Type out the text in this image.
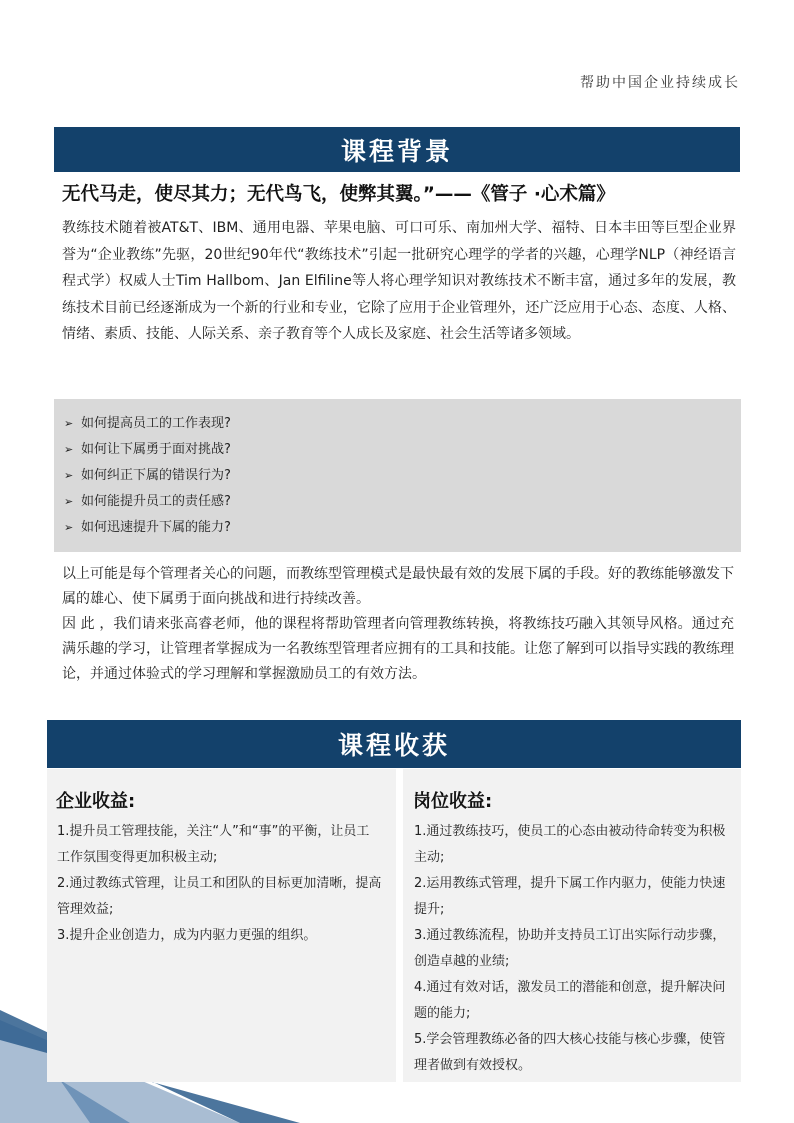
帮助中国企业持续成长
课程背景
无代马走，使尽其力；无代鸟飞，使弊其翼。”——《管子 ·心术篇》
教练技术随着被AT&T、IBM、通用电器、苹果电脑、可口可乐、南加州大学、福特、日本丰田等巨型企业界誉为“企业教练”先驱，20世纪90年代“教练技术”引起一批研究心理学的学者的兴趣，心理学NLP（神经语言程式学）权威人士Tim Hallbom、Jan Elfiline等人将心理学知识对教练技术不断丰富，通过多年的发展，教练技术目前已经逐渐成为一个新的行业和专业，它除了应用于企业管理外，还广泛应用于心态、态度、人格、情绪、素质、技能、人际关系、亲子教育等个人成长及家庭、社会生活等诸多领域。
➢ 如何提高员工的工作表现?
➢ 如何让下属勇于面对挑战?
➢ 如何纠正下属的错误行为?
➢ 如何能提升员工的责任感?
➢ 如何迅速提升下属的能力?

以上可能是每个管理者关心的问题，而教练型管理模式是最快最有效的发展下属的手段。好的教练能够激发下属的雄心、使下属勇于面向挑战和进行持续改善。

因 此 ，我们请来张高睿老师，他的课程将帮助管理者向管理教练转换，将教练技巧融入其领导风格。通过充满乐趣的学习，让管理者掌握成为一名教练型管理者应拥有的工具和技能。让您了解到可以指导实践的教练理论，并通过体验式的学习理解和掌握激励员工的有效方法。

课程收获
企业收益:
1.提升员工管理技能，关注“人”和“事”的平衡，让员工工作氛围变得更加积极主动;
2.通过教练式管理，让员工和团队的目标更加清晰，提高管理效益;
3.提升企业创造力，成为内驱力更强的组织。
岗位收益:
1.通过教练技巧，使员工的心态由被动待命转变为积极主动;
2.运用教练式管理，提升下属工作内驱力，使能力快速提升;
3.通过教练流程，协助并支持员工订出实际行动步骤，创造卓越的业绩;
4.通过有效对话，激发员工的潜能和创意，提升解决问题的能力;
5.学会管理教练必备的四大核心技能与核心步骤，使管理者做到有效授权。
